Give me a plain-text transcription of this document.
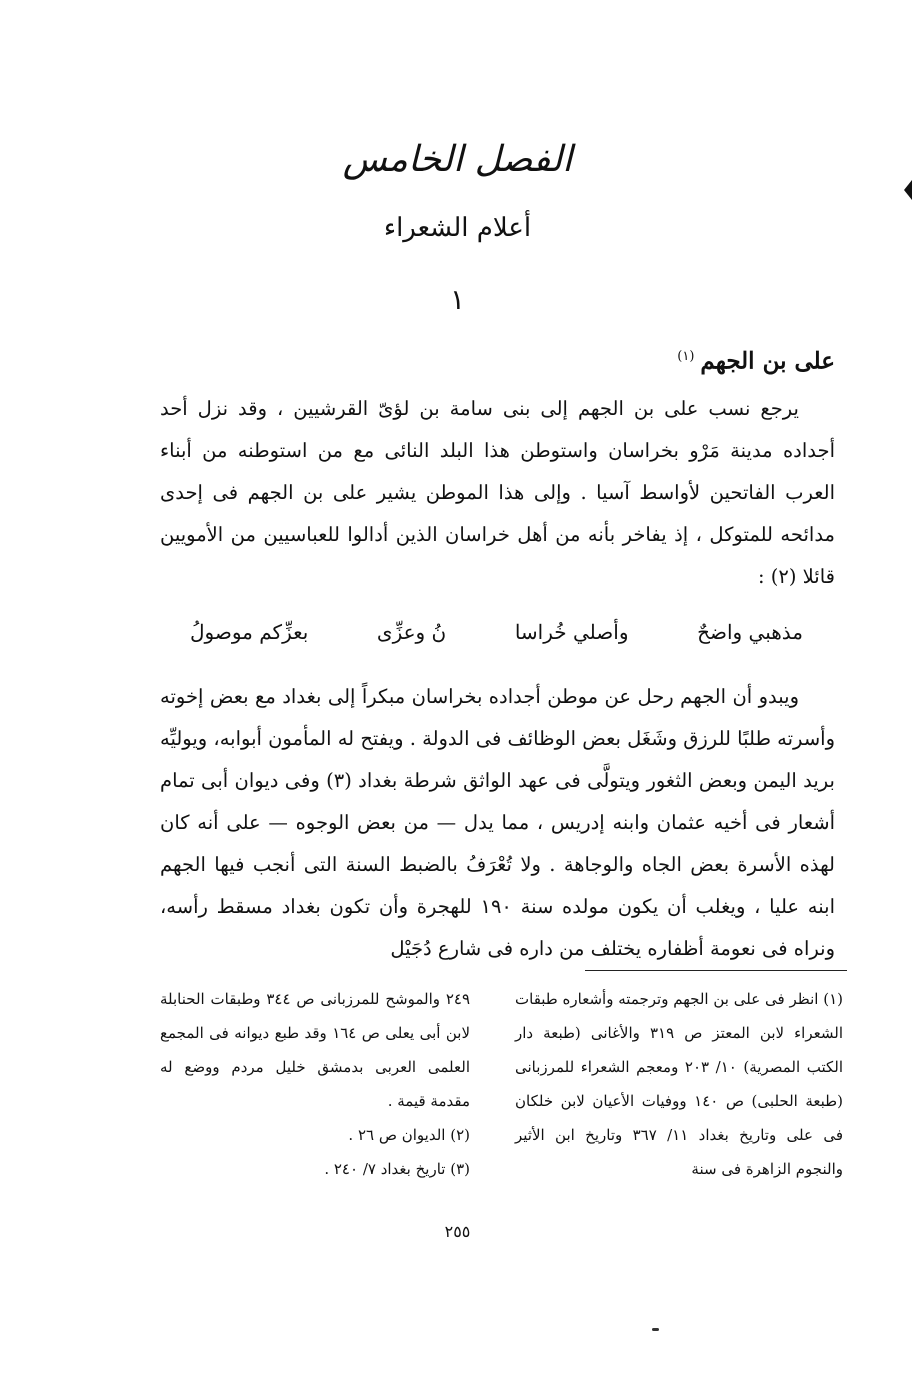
الفصل الخامس
أعلام الشعراء
١
على بن الجهم$^{(١)}$

يرجع نسب على بن الجهم إلى بنى سامة بن لؤىّ القرشيين ، وقد نزل أحد أجداده مدينة مَرْو بخراسان واستوطن هذا البلد النائى مع من استوطنه من أبناء العرب الفاتحين لأواسط آسيا . وإلى هذا الموطن يشير على بن الجهم فى إحدى مدائحه للمتوكل ، إذ يفاخر بأنه من أهل خراسان الذين أدالوا للعباسيين من الأمويين قائلا (٢) :

مذهبي واضحٌ
وأصلي خُراسا
نُ وعزِّى
بعزِّكم موصولُ

ويبدو أن الجهم رحل عن موطن أجداده بخراسان مبكراً إلى بغداد مع بعض إخوته وأسرته طلبًا للرزق وشَغَل بعض الوظائف فى الدولة . ويفتح له المأمون أبوابه، ويوليِّه بريد اليمن وبعض الثغور ويتولَّى فى عهد الواثق شرطة بغداد (٣) وفى ديوان أبى تمام أشعار فى أخيه عثمان وابنه إدريس ، مما يدل — من بعض الوجوه — على أنه كان لهذه الأسرة بعض الجاه والوجاهة . ولا تُعْرَفُ بالضبط السنة التى أنجب فيها الجهم ابنه عليا ، ويغلب أن يكون مولده سنة ١٩٠ للهجرة وأن تكون بغداد مسقط رأسه، ونراه فى نعومة أظفاره يختلف من داره فى شارع دُجَيْل

(١) انظر فى على بن الجهم وترجمته وأشعاره طبقات الشعراء لابن المعتز ص ٣١٩ والأغانى (طبعة دار الكتب المصرية) ١٠/ ٢٠٣ ومعجم الشعراء للمرزبانى (طبعة الحلبى) ص ١٤٠ ووفيات الأعيان لابن خلكان فى على وتاريخ بغداد ١١/ ٣٦٧ وتاريخ ابن الأثير والنجوم الزاهرة فى سنة

٢٤٩ والموشح للمرزبانى ص ٣٤٤ وطبقات الحنابلة لابن أبى يعلى ص ١٦٤ وقد طبع ديوانه فى المجمع العلمى العربى بدمشق خليل مردم ووضع له مقدمة قيمة .

(٢) الديوان ص ٢٦ .

(٣) تاريخ بغداد ٧/ ٢٤٠ .

٢٥٥
